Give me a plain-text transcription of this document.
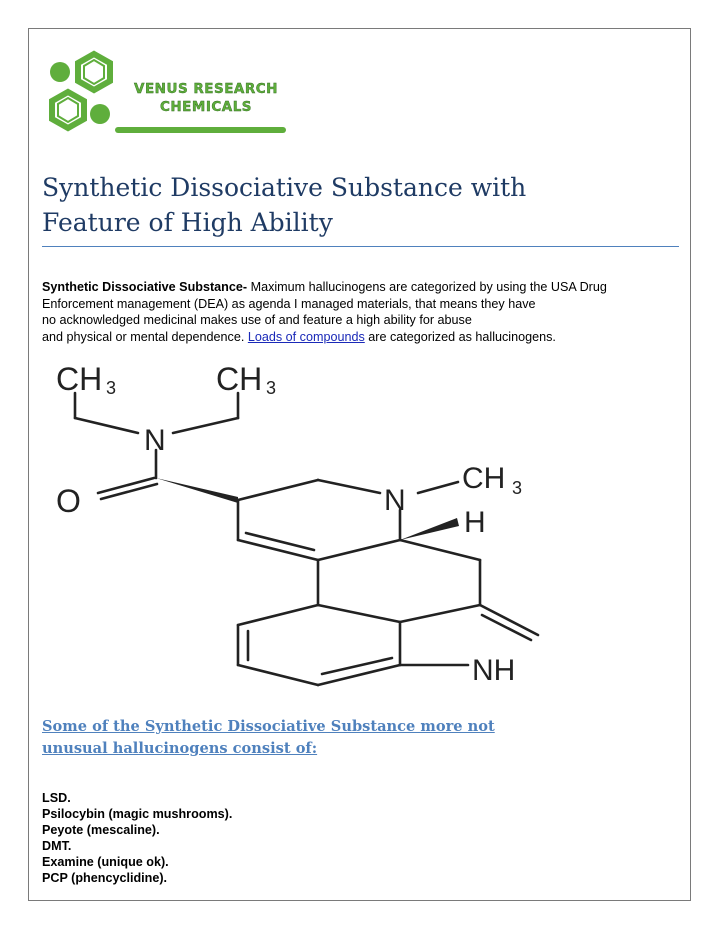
VENUS RESEARCH
CHEMICALS
Synthetic Dissociative Substance with
Feature of High Ability
Synthetic Dissociative Substance- Maximum hallucinogens are categorized by using the USA Drug
Enforcement management (DEA) as agenda I managed materials, that means they have
no acknowledged medicinal makes use of and feature a high ability for abuse
and physical or mental dependence. Loads of compounds are categorized as hallucinogens.
CH 3	CH 3
N
O	N
CH 3
H
NH
Some of the Synthetic Dissociative Substance more not
unusual hallucinogens consist of:
LSD.
Psilocybin (magic mushrooms).
Peyote (mescaline).
DMT.
Examine (unique ok).
PCP (phencyclidine).
